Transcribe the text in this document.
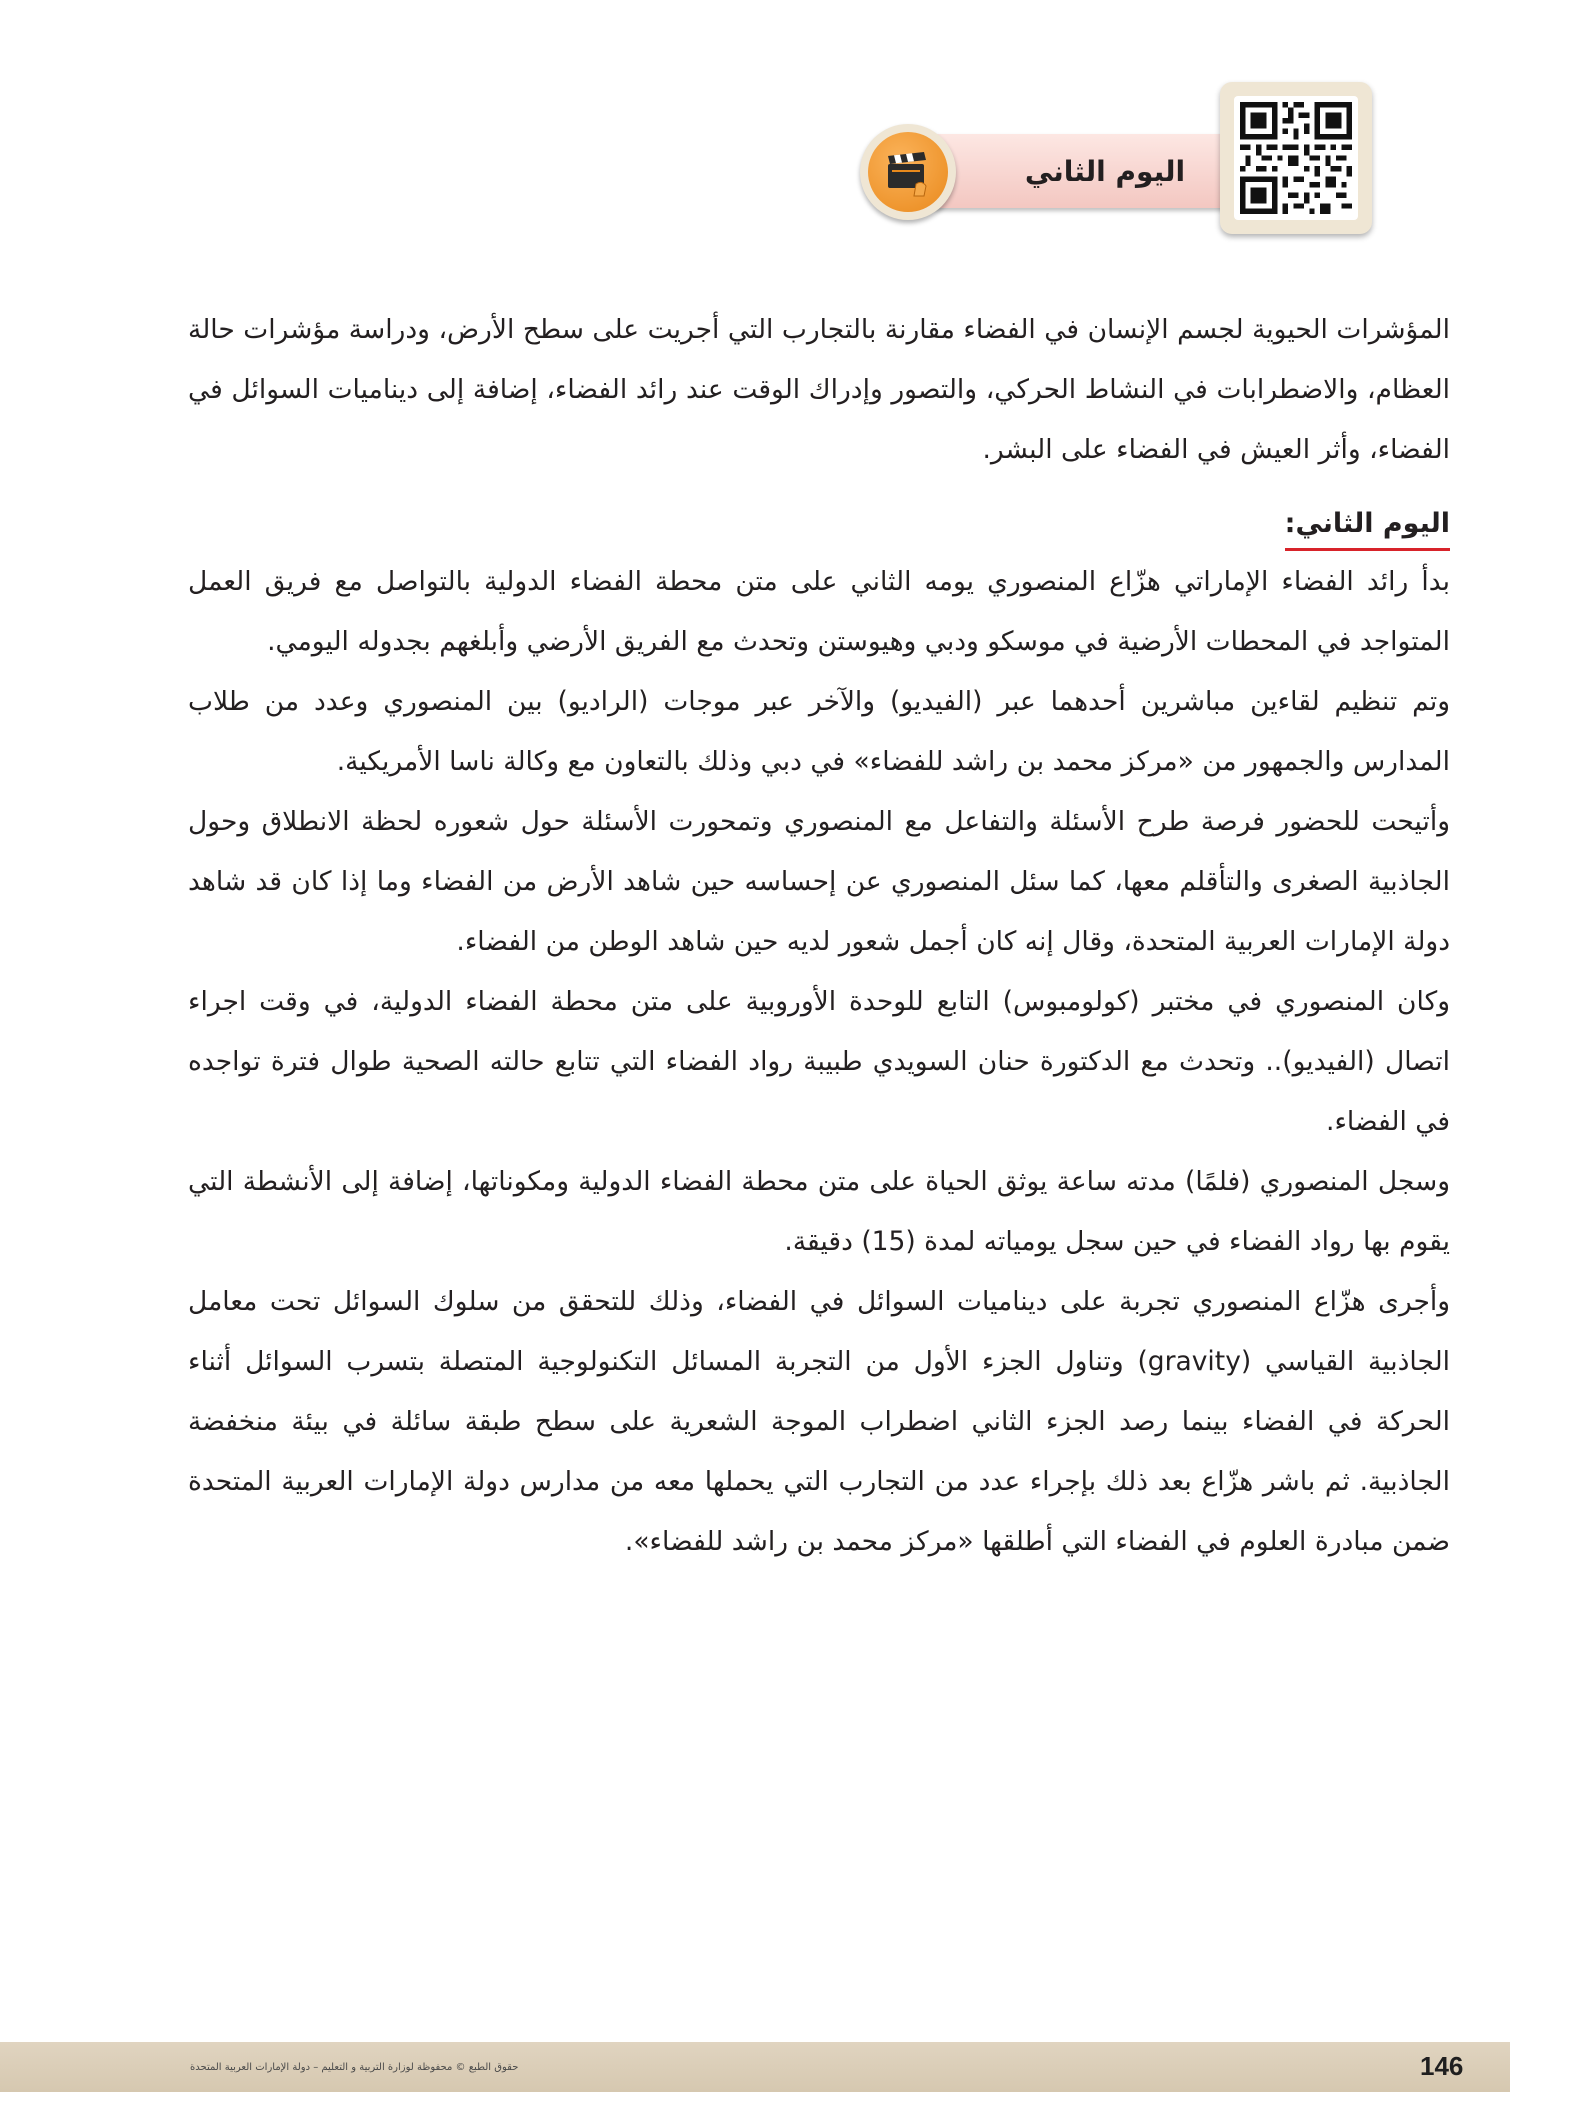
اليوم الثاني

المؤشرات الحيوية لجسم الإنسان في الفضاء مقارنة بالتجارب التي أجريت على سطح الأرض، ودراسة مؤشرات حالة العظام، والاضطرابات في النشاط الحركي، والتصور وإدراك الوقت عند رائد الفضاء، إضافة إلى ديناميات السوائل في الفضاء، وأثر العيش في الفضاء على البشر.

اليوم الثاني:

بدأ رائد الفضاء الإماراتي هزّاع المنصوري يومه الثاني على متن محطة الفضاء الدولية بالتواصل مع فريق العمل المتواجد في المحطات الأرضية في موسكو ودبي وهيوستن وتحدث مع الفريق الأرضي وأبلغهم بجدوله اليومي.

وتم تنظيم لقاءين مباشرين أحدهما عبر (الفيديو) والآخر عبر موجات (الراديو) بين المنصوري وعدد من طلاب المدارس والجمهور من «مركز محمد بن راشد للفضاء» في دبي وذلك بالتعاون مع وكالة ناسا الأمريكية.

وأتيحت للحضور فرصة طرح الأسئلة والتفاعل مع المنصوري وتمحورت الأسئلة حول شعوره لحظة الانطلاق وحول الجاذبية الصغرى والتأقلم معها، كما سئل المنصوري عن إحساسه حين شاهد الأرض من الفضاء وما إذا كان قد شاهد دولة الإمارات العربية المتحدة، وقال إنه كان أجمل شعور لديه حين شاهد الوطن من الفضاء.

وكان المنصوري في مختبر (كولومبوس) التابع للوحدة الأوروبية على متن محطة الفضاء الدولية، في وقت اجراء اتصال (الفيديو).. وتحدث مع الدكتورة حنان السويدي طبيبة رواد الفضاء التي تتابع حالته الصحية طوال فترة تواجده في الفضاء.

وسجل المنصوري (فلمًا) مدته ساعة يوثق الحياة على متن محطة الفضاء الدولية ومكوناتها، إضافة إلى الأنشطة التي يقوم بها رواد الفضاء في حين سجل يومياته لمدة (15) دقيقة.

وأجرى هزّاع المنصوري تجربة على ديناميات السوائل في الفضاء، وذلك للتحقق من سلوك السوائل تحت معامل الجاذبية القياسي (gravity) وتناول الجزء الأول من التجربة المسائل التكنولوجية المتصلة بتسرب السوائل أثناء الحركة في الفضاء بينما رصد الجزء الثاني اضطراب الموجة الشعرية على سطح طبقة سائلة في بيئة منخفضة الجاذبية. ثم باشر هزّاع بعد ذلك بإجراء عدد من التجارب التي يحملها معه من مدارس دولة الإمارات العربية المتحدة ضمن مبادرة العلوم في الفضاء التي أطلقها «مركز محمد بن راشد للفضاء».

حقوق الطبع © محفوظة لوزارة التربية و التعليم – دولة الإمارات العربية المتحدة	146
